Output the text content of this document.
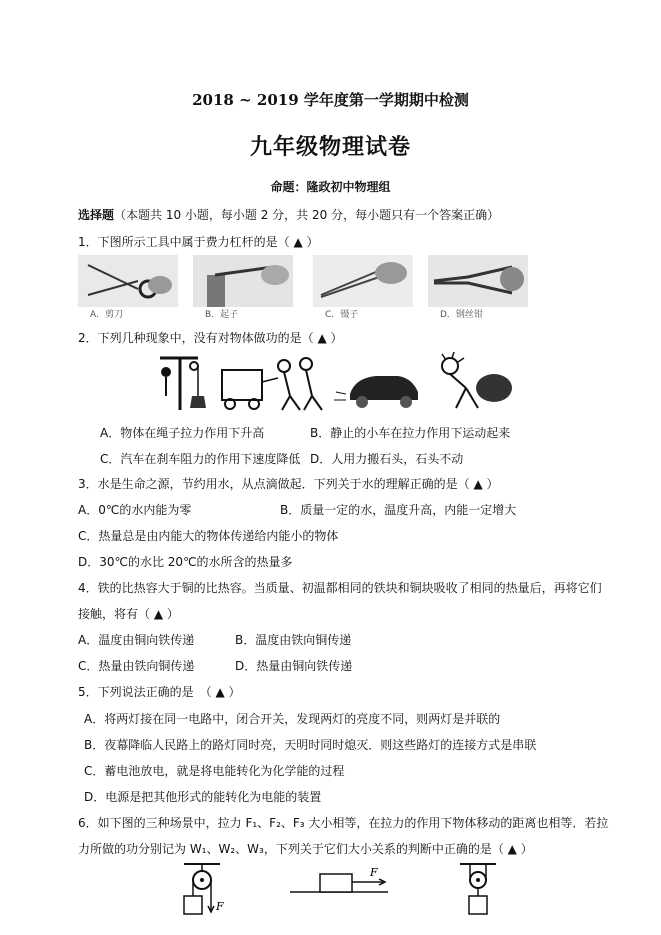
2018 ~ 2019 学年度第一学期期中检测
九年级物理试卷
命题：隆政初中物理组
选择题（本题共 10 小题，每小题 2 分，共 20 分，每小题只有一个答案正确）
1．下图所示工具中属于费力杠杆的是（ ▲ ）
A．剪刀	B．起子	C．镊子	D．钢丝钳
2．下列几种现象中，没有对物体做功的是（ ▲ ）
A．物体在绳子拉力作用下升高	B．静止的小车在拉力作用下运动起来
C．汽车在刹车阻力的作用下速度降低 D．人用力搬石头，石头不动
3．水是生命之源，节约用水，从点滴做起．下列关于水的理解正确的是（ ▲ ）
A．0℃的水内能为零	B．质量一定的水，温度升高，内能一定增大
C．热量总是由内能大的物体传递给内能小的物体
D．30℃的水比 20℃的水所含的热量多
4．铁的比热容大于铜的比热容。当质量、初温都相同的铁块和铜块吸收了相同的热量后，再将它们
接触，将有（ ▲ ）
A．温度由铜向铁传递	B．温度由铁向铜传递
C．热量由铁向铜传递	D．热量由铜向铁传递
5．下列说法正确的是　（ ▲ ）
A．将两灯接在同一电路中，闭合开关，发现两灯的亮度不同，则两灯是并联的
B．夜幕降临人民路上的路灯同时亮，天明时同时熄灭．则这些路灯的连接方式是串联
C．蓄电池放电，就是将电能转化为化学能的过程
D．电源是把其他形式的能转化为电能的装置
6．如下图的三种场景中，拉力 F₁、F₂、F₃ 大小相等，在拉力的作用下物体移动的距离也相等．若拉
力所做的功分别记为 W₁、W₂、W₃，下列关于它们大小关系的判断中正确的是（ ▲ ）
F
F
